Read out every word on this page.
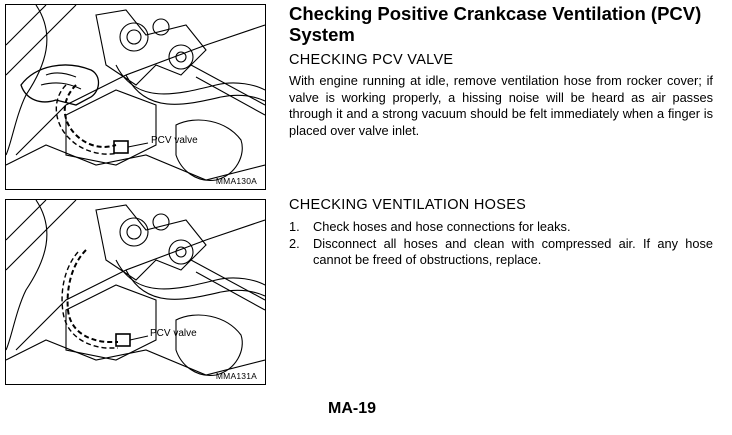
PCV valve
MMA130A
PCV valve
MMA131A
Checking Positive Crankcase Ventilation (PCV) System
CHECKING PCV VALVE
With engine running at idle, remove ventilation hose from rocker cover; if valve is working properly, a hissing noise will be heard as air passes through it and a strong vacuum should be felt immediately when a finger is placed over valve inlet.
CHECKING VENTILATION HOSES
1.	Check hoses and hose connections for leaks.
2.	Disconnect all hoses and clean with compressed air. If any hose cannot be freed of obstructions, replace.
MA-19
